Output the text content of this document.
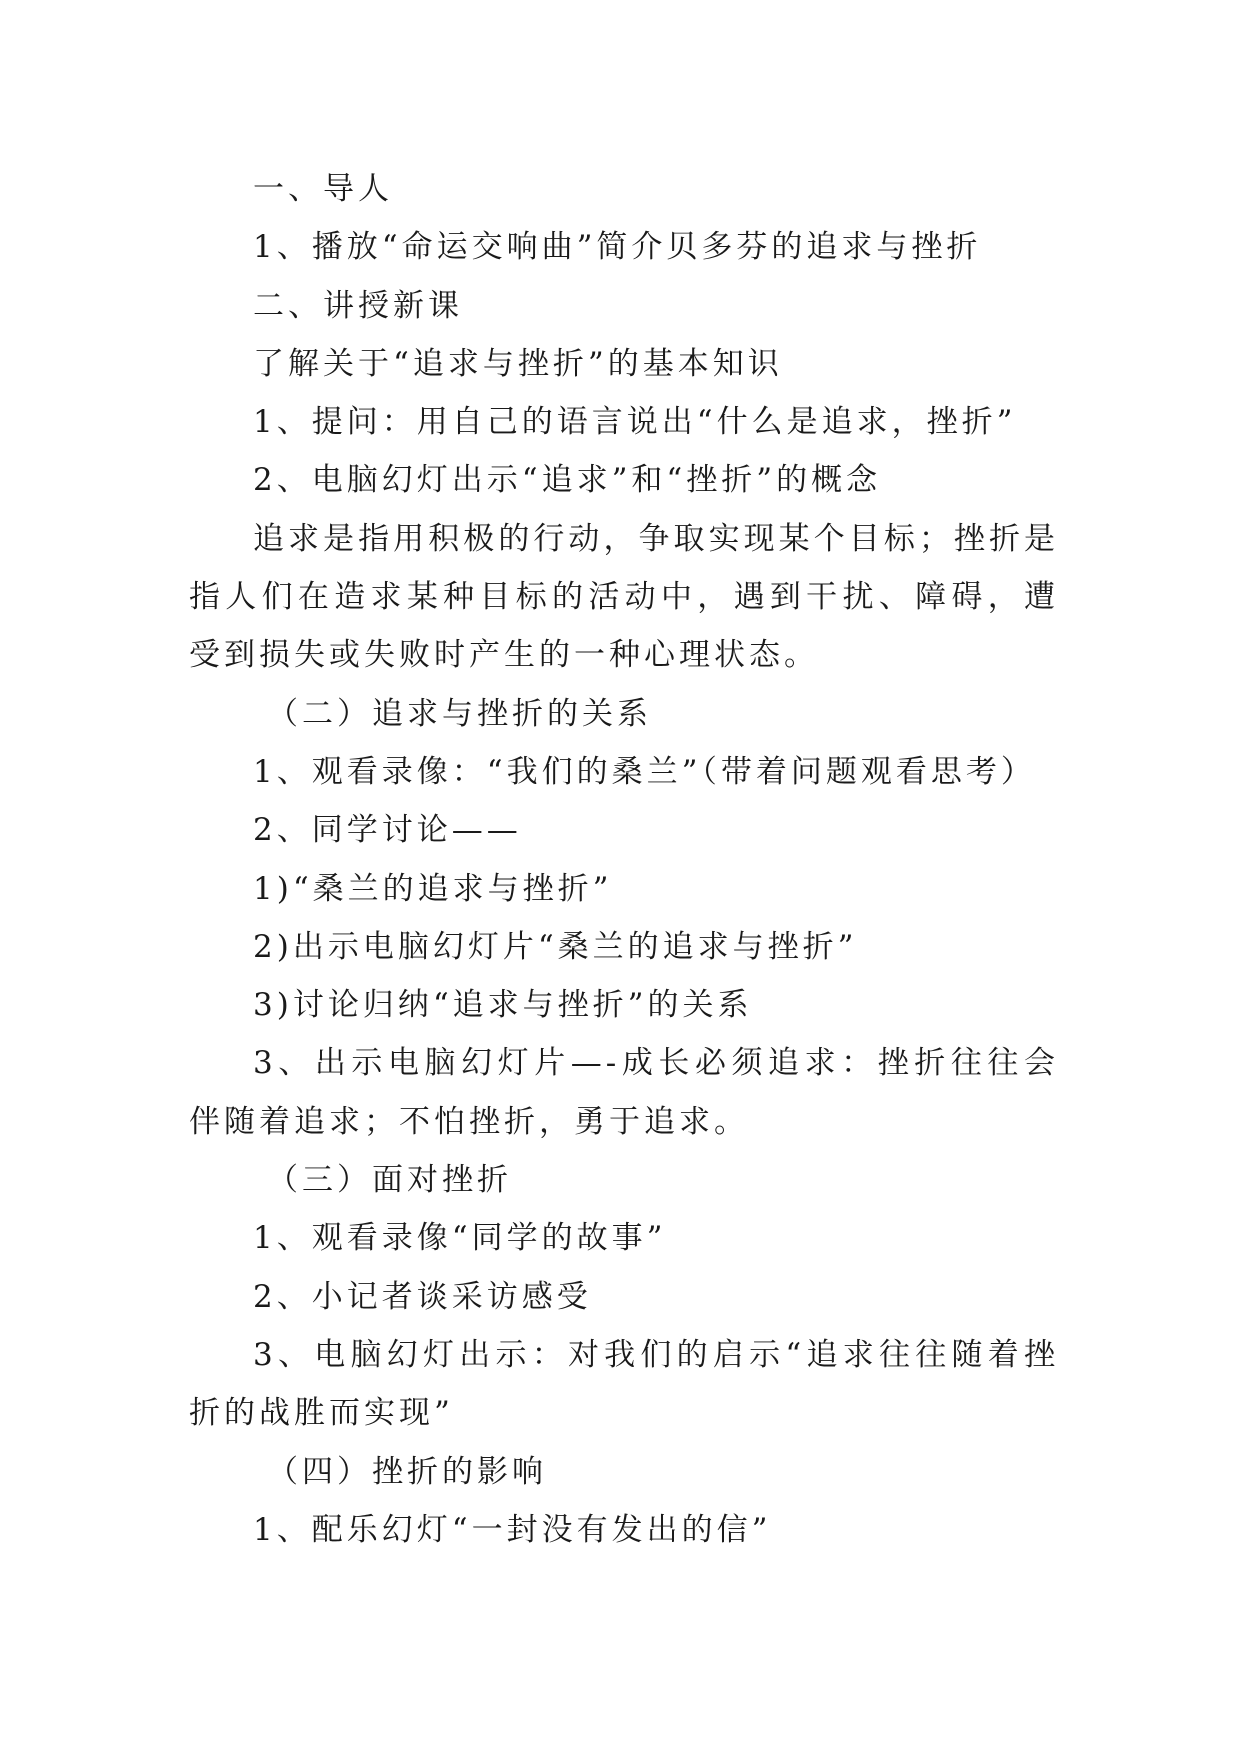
一、导人

1、播放“命运交响曲”简介贝多芬的追求与挫折

二、讲授新课

了解关于“追求与挫折”的基本知识

1、提问：用自己的语言说出“什么是追求，挫折”

2、电脑幻灯出示“追求”和“挫折”的概念

追求是指用积极的行动，争取实现某个目标；挫折是指人们在造求某种目标的活动中，遇到干扰、障碍，遭受到损失或失败时产生的一种心理状态。

（二）追求与挫折的关系

1、观看录像：“我们的桑兰”（带着问题观看思考）

2、同学讨论——

1)“桑兰的追求与挫折”

2)出示电脑幻灯片“桑兰的追求与挫折”

3)讨论归纳“追求与挫折”的关系

3、出示电脑幻灯片—-成长必须追求：挫折往往会伴随着追求；不怕挫折，勇于追求。

（三）面对挫折

1、观看录像“同学的故事”

2、小记者谈采访感受

3、电脑幻灯出示：对我们的启示“追求往往随着挫折的战胜而实现”

（四）挫折的影响

1、配乐幻灯“一封没有发出的信”
